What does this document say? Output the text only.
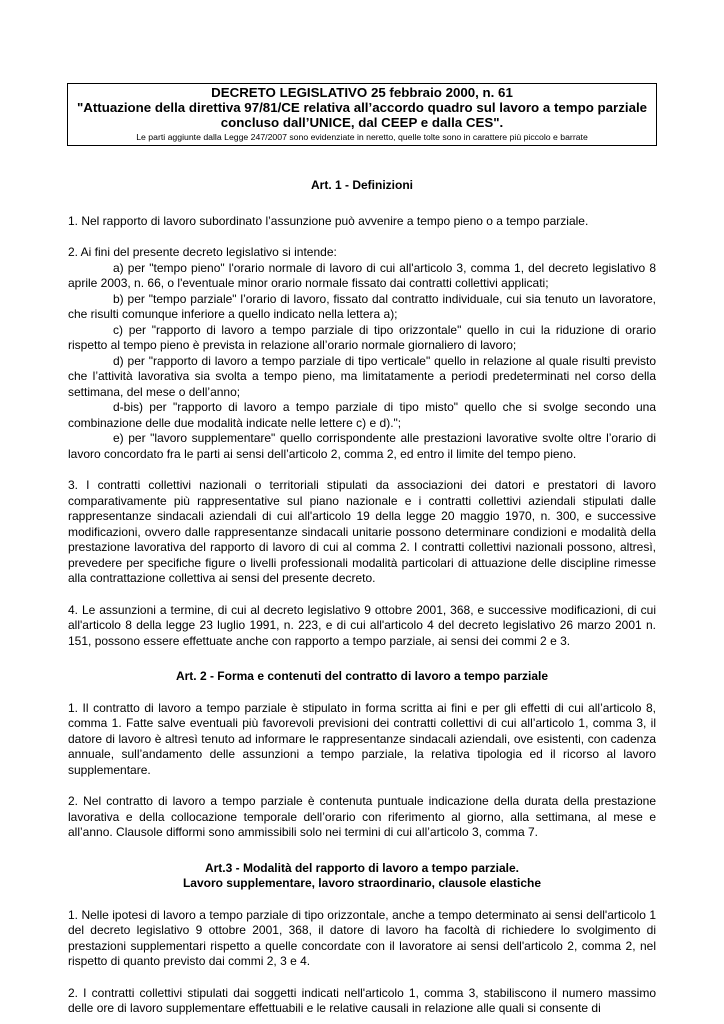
DECRETO LEGISLATIVO 25 febbraio 2000, n. 61
"Attuazione della direttiva 97/81/CE relativa all’accordo quadro sul lavoro a tempo parziale
concluso dall’UNICE, dal CEEP e dalla CES".
Le parti aggiunte dalla Legge 247/2007 sono evidenziate in neretto, quelle tolte sono in carattere più piccolo e barrate
Art. 1 - Definizioni

1. Nel rapporto di lavoro subordinato l’assunzione può avvenire a tempo pieno o a tempo parziale.

2. Ai fini del presente decreto legislativo si intende:

a) per "tempo pieno" l'orario normale di lavoro di cui all'articolo 3, comma 1, del decreto legislativo 8 aprile 2003, n. 66, o l'eventuale minor orario normale fissato dai contratti collettivi applicati;

b) per "tempo parziale" l’orario di lavoro, fissato dal contratto individuale, cui sia tenuto un lavoratore, che risulti comunque inferiore a quello indicato nella lettera a);

c) per "rapporto di lavoro a tempo parziale di tipo orizzontale" quello in cui la riduzione di orario rispetto al tempo pieno è prevista in relazione all’orario normale giornaliero di lavoro;

d) per "rapporto di lavoro a tempo parziale di tipo verticale" quello in relazione al quale risulti previsto che l’attività lavorativa sia svolta a tempo pieno, ma limitatamente a periodi predeterminati nel corso della settimana, del mese o dell’anno;

d-bis) per "rapporto di lavoro a tempo parziale di tipo misto" quello che si svolge secondo una combinazione delle due modalità indicate nelle lettere c) e d).";

e) per "lavoro supplementare" quello corrispondente alle prestazioni lavorative svolte oltre l’orario di lavoro concordato fra le parti ai sensi dell’articolo 2, comma 2, ed entro il limite del tempo pieno.

3. I contratti collettivi nazionali o territoriali stipulati da associazioni dei datori e prestatori di lavoro comparativamente più rappresentative sul piano nazionale e i contratti collettivi aziendali stipulati dalle rappresentanze sindacali aziendali di cui all'articolo 19 della legge 20 maggio 1970, n. 300, e successive modificazioni, ovvero dalle rappresentanze sindacali unitarie possono determinare condizioni e modalità della prestazione lavorativa del rapporto di lavoro di cui al comma 2. I contratti collettivi nazionali possono, altresì, prevedere per specifiche figure o livelli professionali modalità particolari di attuazione delle discipline rimesse alla contrattazione collettiva ai sensi del presente decreto.

4. Le assunzioni a termine, di cui al decreto legislativo 9 ottobre 2001, 368, e successive modificazioni, di cui all'articolo 8 della legge 23 luglio 1991, n. 223, e di cui all'articolo 4 del decreto legislativo 26 marzo 2001 n. 151, possono essere effettuate anche con rapporto a tempo parziale, ai sensi dei commi 2 e 3.

Art. 2 - Forma e contenuti del contratto di lavoro a tempo parziale

1. Il contratto di lavoro a tempo parziale è stipulato in forma scritta ai fini e per gli effetti di cui all’articolo 8, comma 1. Fatte salve eventuali più favorevoli previsioni dei contratti collettivi di cui all’articolo 1, comma 3, il datore di lavoro è altresì tenuto ad informare le rappresentanze sindacali aziendali, ove esistenti, con cadenza annuale, sull’andamento delle assunzioni a tempo parziale, la relativa tipologia ed il ricorso al lavoro supplementare.

2. Nel contratto di lavoro a tempo parziale è contenuta puntuale indicazione della durata della prestazione lavorativa e della collocazione temporale dell’orario con riferimento al giorno, alla settimana, al mese e all’anno. Clausole difformi sono ammissibili solo nei termini di cui all’articolo 3, comma 7.

Art.3 - Modalità del rapporto di lavoro a tempo parziale.
Lavoro supplementare, lavoro straordinario, clausole elastiche

1. Nelle ipotesi di lavoro a tempo parziale di tipo orizzontale, anche a tempo determinato ai sensi dell'articolo 1 del decreto legislativo 9 ottobre 2001, 368, il datore di lavoro ha facoltà di richiedere lo svolgimento di prestazioni supplementari rispetto a quelle concordate con il lavoratore ai sensi dell'articolo 2, comma 2, nel rispetto di quanto previsto dai commi 2, 3 e 4.

2. I contratti collettivi stipulati dai soggetti indicati nell'articolo 1, comma 3, stabiliscono il numero massimo delle ore di lavoro supplementare effettuabili e le relative causali in relazione alle quali si consente di
